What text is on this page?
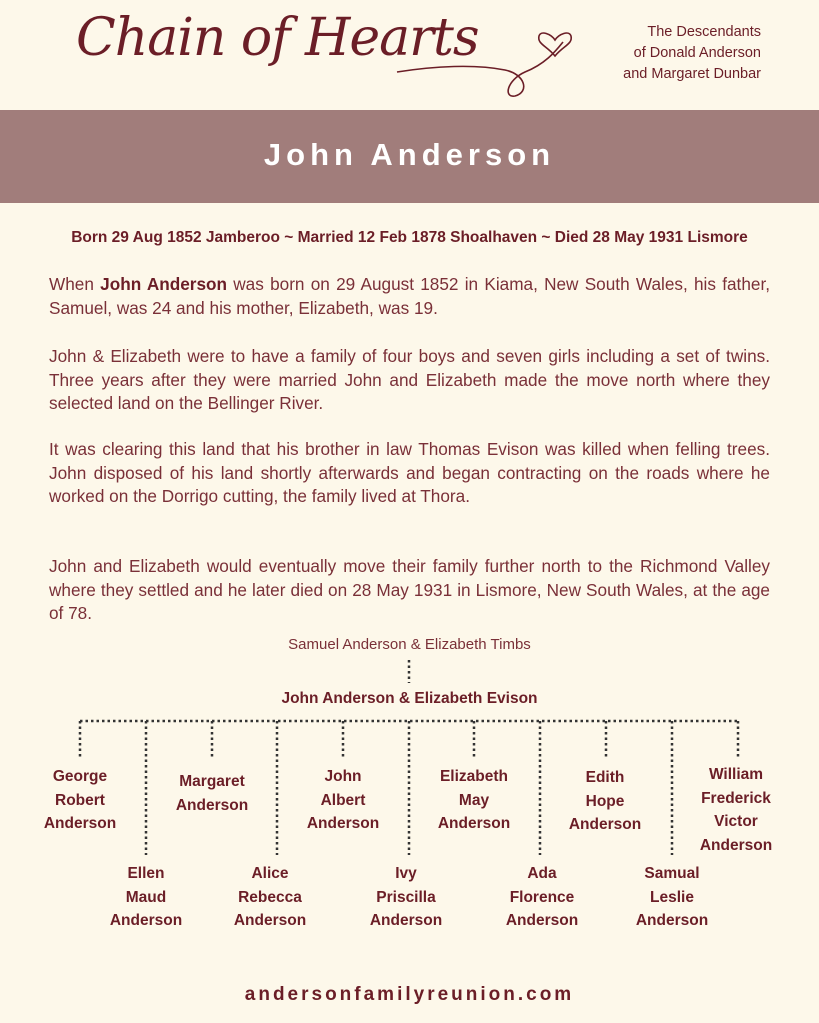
Chain of Hearts	The Descendants
of Donald Anderson
and Margaret Dunbar
John Anderson
Born 29 Aug 1852 Jamberoo ~ Married 12 Feb 1878 Shoalhaven ~ Died 28 May 1931 Lismore

When John Anderson was born on 29 August 1852 in Kiama, New South Wales, his father, Samuel, was 24 and his mother, Elizabeth, was 19.

John & Elizabeth were to have a family of four boys and seven girls including a set of twins. Three years after they were married John and Elizabeth made the move north where they selected land on the Bellinger River.

It was clearing this land that his brother in law Thomas Evison was killed when felling trees. John disposed of his land shortly afterwards and began contracting on the roads where he worked on the Dorrigo cutting, the family lived at Thora.

John and Elizabeth would eventually move their family further north to the Richmond Valley where they settled and he later died on 28 May 1931 in Lismore, New South Wales, at the age of 78.

Samuel Anderson & Elizabeth Timbs
John Anderson & Elizabeth Evison
George
Robert
Anderson
Ellen
Maud
Anderson
Margaret
Anderson
Alice
Rebecca
Anderson
John
Albert
Anderson
Ivy
Priscilla
Anderson
Elizabeth
May
Anderson
Ada
Florence
Anderson
Edith
Hope
Anderson
Samual
Leslie
Anderson
William
Frederick
Victor
Anderson
andersonfamilyreunion.com
